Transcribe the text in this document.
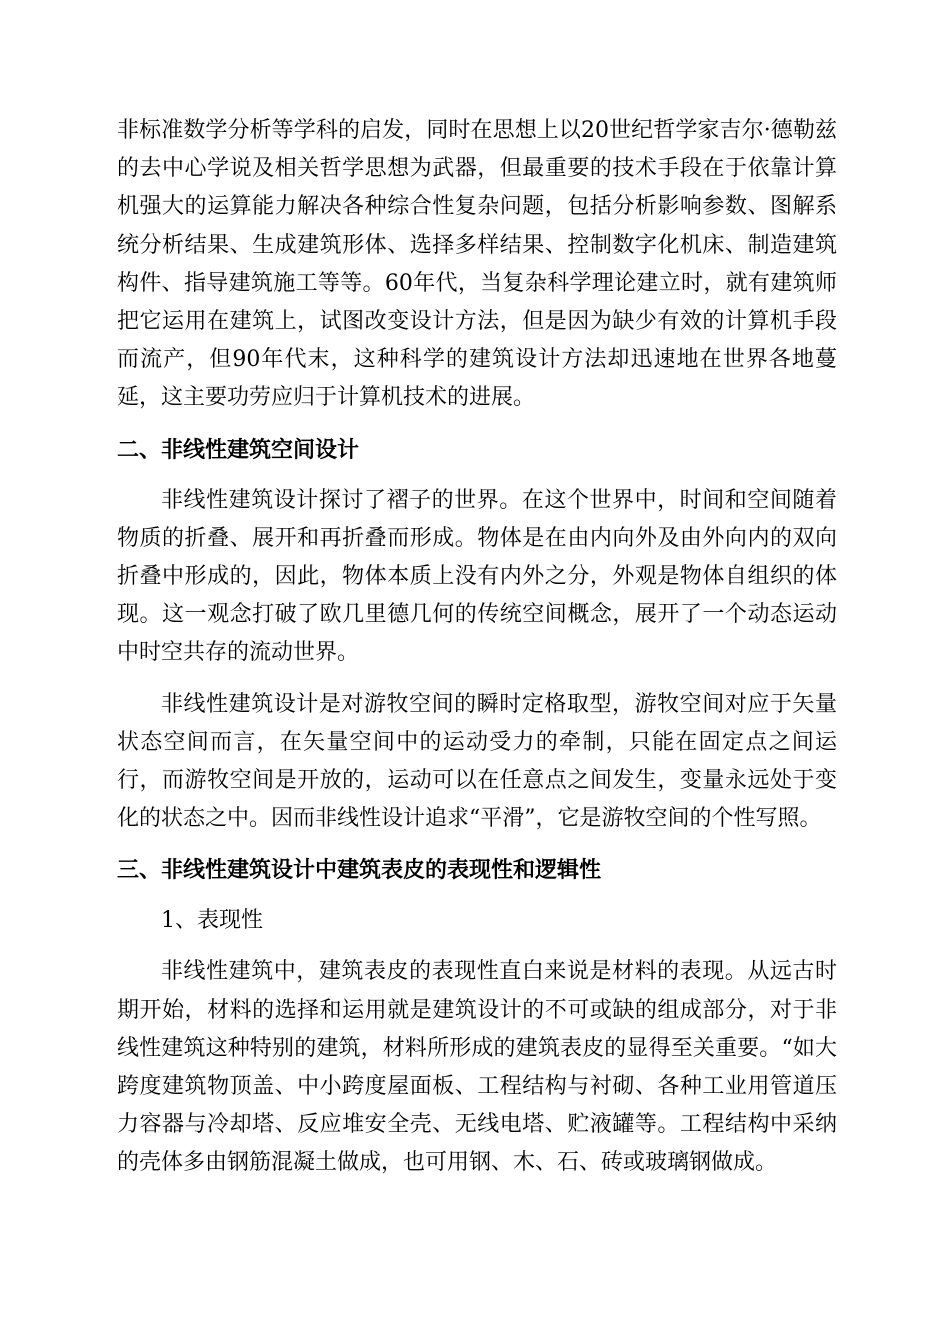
非标准数学分析等学科的启发，同时在思想上以20世纪哲学家吉尔·德勒兹的去中心学说及相关哲学思想为武器，但最重要的技术手段在于依靠计算机强大的运算能力解决各种综合性复杂问题，包括分析影响参数、图解系统分析结果、生成建筑形体、选择多样结果、控制数字化机床、制造建筑构件、指导建筑施工等等。60年代，当复杂科学理论建立时，就有建筑师把它运用在建筑上，试图改变设计方法，但是因为缺少有效的计算机手段而流产，但90年代末，这种科学的建筑设计方法却迅速地在世界各地蔓延，这主要功劳应归于计算机技术的进展。

二、非线性建筑空间设计

非线性建筑设计探讨了褶子的世界。在这个世界中，时间和空间随着物质的折叠、展开和再折叠而形成。物体是在由内向外及由外向内的双向折叠中形成的，因此，物体本质上没有内外之分，外观是物体自组织的体现。这一观念打破了欧几里德几何的传统空间概念，展开了一个动态运动中时空共存的流动世界。

非线性建筑设计是对游牧空间的瞬时定格取型，游牧空间对应于矢量状态空间而言，在矢量空间中的运动受力的牵制，只能在固定点之间运行，而游牧空间是开放的，运动可以在任意点之间发生，变量永远处于变化的状态之中。因而非线性设计追求“平滑”，它是游牧空间的个性写照。

三、非线性建筑设计中建筑表皮的表现性和逻辑性
1、表现性

非线性建筑中，建筑表皮的表现性直白来说是材料的表现。从远古时期开始，材料的选择和运用就是建筑设计的不可或缺的组成部分，对于非线性建筑这种特别的建筑，材料所形成的建筑表皮的显得至关重要。“如大跨度建筑物顶盖、中小跨度屋面板、工程结构与衬砌、各种工业用管道压力容器与冷却塔、反应堆安全壳、无线电塔、贮液罐等。工程结构中采纳的壳体多由钢筋混凝土做成，也可用钢、木、石、砖或玻璃钢做成。
